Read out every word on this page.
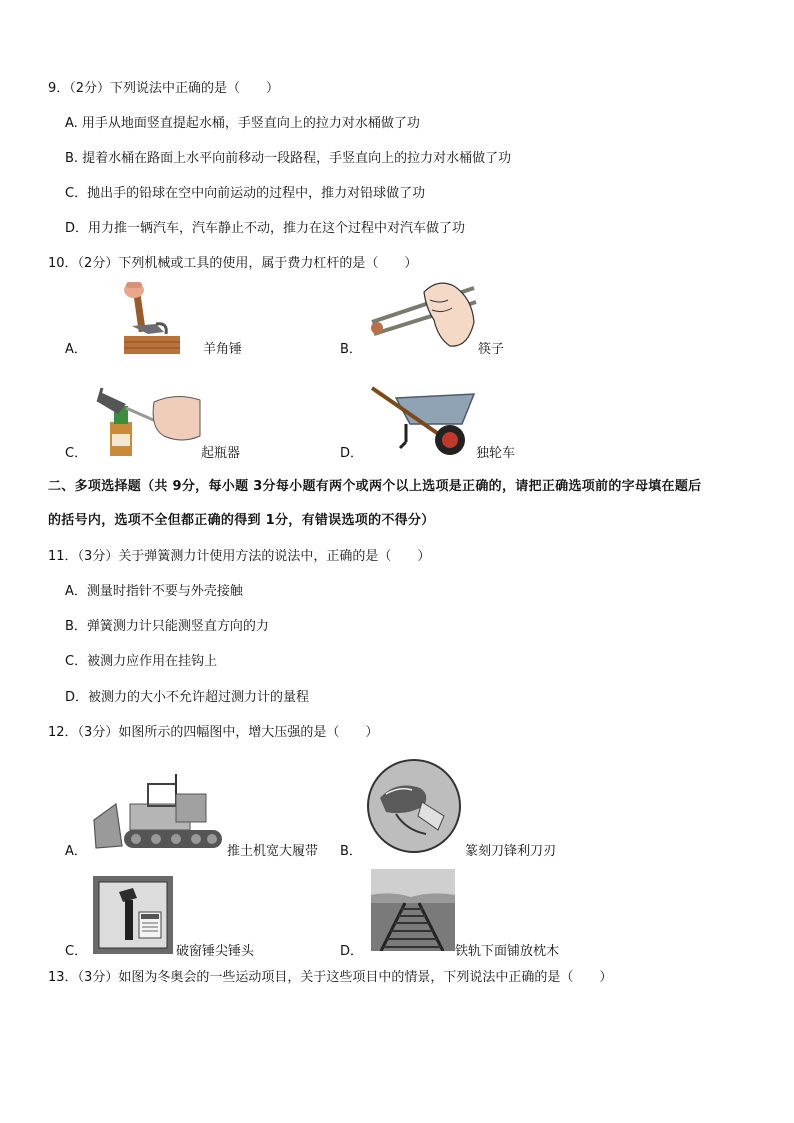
9．（2分）下列说法中正确的是（　　）
A. 用手从地面竖直提起水桶，手竖直向上的拉力对水桶做了功
B. 提着水桶在路面上水平向前移动一段路程，手竖直向上的拉力对水桶做了功
C．抛出手的铅球在空中向前运动的过程中，推力对铅球做了功
D．用力推一辆汽车，汽车静止不动，推力在这个过程中对汽车做了功
10．（2分）下列机械或工具的使用，属于费力杠杆的是（　　）
A．	羊角锤	B．	筷子
C．	起瓶器	D．	独轮车
二、多项选择题（共 9分，每小题 3分每小题有两个或两个以上选项是正确的，请把正确选项前的字母填在题后
的括号内，选项不全但都正确的得到 1分，有错误选项的不得分）
11．（3分）关于弹簧测力计使用方法的说法中，正确的是（　　）
A．测量时指针不要与外壳接触
B．弹簧测力计只能测竖直方向的力
C．被测力应作用在挂钩上
D．被测力的大小不允许超过测力计的量程
12．（3分）如图所示的四幅图中，增大压强的是（　　）
A．	推土机宽大履带 B．	篆刻刀锋利刀刃
C．	破窗锤尖锤头	D．	铁轨下面铺放枕木
13．（3分）如图为冬奥会的一些运动项目，关于这些项目中的情景，下列说法中正确的是（　　）
